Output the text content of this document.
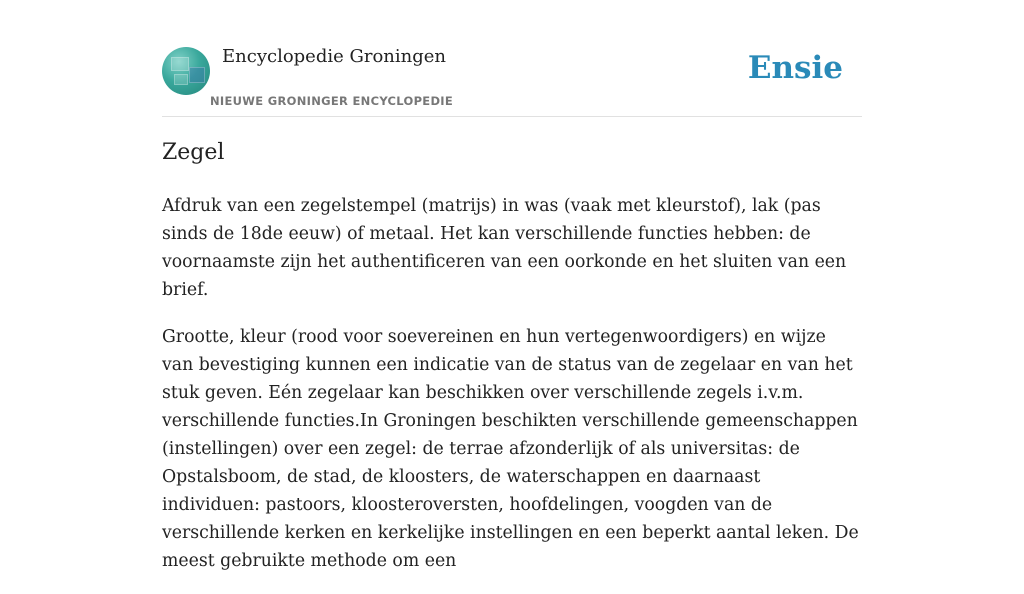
Encyclopedie Groningen
NIEUWE GRONINGER ENCYCLOPEDIE
Ensie
Zegel

Afdruk van een zegelstempel (matrijs) in was (vaak met kleurstof), lak (pas sinds de 18de eeuw) of metaal. Het kan verschillende functies hebben: de voornaamste zijn het authentificeren van een oorkonde en het sluiten van een brief.

Grootte, kleur (rood voor soevereinen en hun vertegenwoordigers) en wijze van bevestiging kunnen een indicatie van de status van de zegelaar en van het stuk geven. Eén zegelaar kan beschikken over verschillende zegels i.v.m. verschillende functies.In Groningen beschikten verschillende gemeenschappen (instellingen) over een zegel: de terrae afzonderlijk of als universitas: de Opstalsboom, de stad, de kloosters, de waterschappen en daarnaast individuen: pastoors, kloosteroversten, hoofdelingen, voogden van de verschillende kerken en kerkelijke instellingen en een beperkt aantal leken. De meest gebruikte methode om een
